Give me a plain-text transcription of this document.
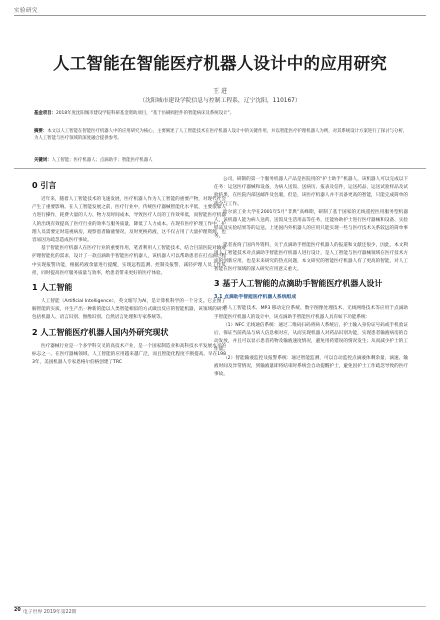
实验研究
人工智能在智能医疗机器人设计中的应用研究
王 进
（沈阳城市建设学院信息与控制工程系，辽宁沈阳，110167）
基金项目：2018年度沈阳城市建设学院科研基金资助项目，“基于仿刷阀控件的智能病床及系统设计”。
摘要：本文以人工智能在智能医疗机器人中的应用研究为核心，主要阐述了人工智能技术在医疗机器人设计中的关键作用，并以智能医疗护理机器人为例，对其系统设计方案进行了探讨与分析，为人工智能与医疗领域的深度融合提供参考。
关键词：人工智能；医疗机器人；点滴助手；智能医疗机器人
0 引言

近年来，随着人工智能技术的飞速发展，医疗机器人作为人工智能的重要产物，对现代社会产生了重要影响。在人工智能发展之前，医疗行业中，传统医疗器械智能化水平低，主要依靠人力进行操作，耗费大量的人力、物力及时间成本，导致医疗人员的工作效率低，而智能医疗机器人的出现有效提高了医疗行业的效率与服务质量，降低了人力成本。在现有医疗护理工作中，护理人员需要定时巡视病房，观察患者输液情况，及时更换药液，这不仅占用了大量护理资源，也容易因为疏忽造成医疗事故。

基于智能医疗机器人在医疗行业的重要作用，笔者利用人工智能技术，结合目前医院对输液护理智能化的需求，设计了一款点滴助手智能医疗机器人，该机器人可以帮助患者在打点滴过程中实现报警功能，根据药液余量进行提醒，实现远程监测、控制及报警，减轻护理人员工作负担，同时提高医疗服务质量与效率，给患者带来更好的医疗体验。

1 人工智能

人工智能（Artificial Intelligence），英文缩写为AI，是计算机科学的一个分支。它企图了解智能的实质，并生产出一种新的能以人类智能相似的方式做出反应的智能机器，该领域的研究包括机器人、语言识别、图像识别、自然语言处理和专家系统等。

2 人工智能医疗机器人国内外研究现状

医疗器械行业是一个多学科交叉的高技术产业，是一个国家制造业和高科技水平发展水平的标志之一。在医疗器械领域，人工智能的应用越来越广泛，而且智能化程度不断提高。早在1983年，美国机器人专家恩格尔伯格创建了TRC

公司，研制的第一个服务机器人产品是医院用的“护士助手”机器人，该机器人可以完成以下任务：运送医疗器械和设备，为病人送饭、送病历、报表及信件，运送药品，运送试验样品及试验结果，在医院内部送邮件及包裹，但是，该医疗机器人并不具备更高的智能，只能完成简单的指令与工作。

哈尔滨工业大学在2001年5月“非典”高峰期，研制了基于国家的无线遥控医用服务型机器人，该机器人能为病人送药、送饭及生活用品等任务，还能协助护士进行医疗器械和设备、实验样品及实验结果等的运送。上述国内外机器人的应用只能实现一些与医疗技术关系较远的简单事务。

笔者查询了国内外资料，关于点滴助手智能医疗机器人的报道和文献还很少，因此，本文利用人工智能技术对点滴助手智能医疗机器人进行设计，是人工智能与医疗器械领域在医疗技术方面的创新应用，也是未来研究的热点问题，本文研究的智能医疗机器人有了更高的智能，对人工智能在医疗领域的深入研究应用意义重大。

3 基于人工智能的点滴助手智能医疗机器人设计
3.1 点滴助手智能医疗机器人系统组成

将人工智能技术、MP3 移动定位系统、数字图像处理技术、无线网络技术等应用于点滴助手智能医疗机器人的设计中，该点滴助手智能医疗机器人具有如下功能系统：

（1）NFC 无线通信系统：通过二维码扫码将病人系统后，护士输入身份证号码或手机验证后，保证当前药品与病人信息相对应，从而实现机器人对药品识别功能，实现患者输液病房的自动发放，并且可以显示患者药物及输液速度情况，避免用药错误的情况发生；从而减少护士的工作量。

（2）智能输液监控及报警系统：通过智能监测，可以自动监控点滴液体剩余量、滴速、输液时间及异常情况，到输液量即将结束时系统会自动提醒护士，避免因护士工作疏忽导致的医疗事故。

20 电子世界 2019年第22期
